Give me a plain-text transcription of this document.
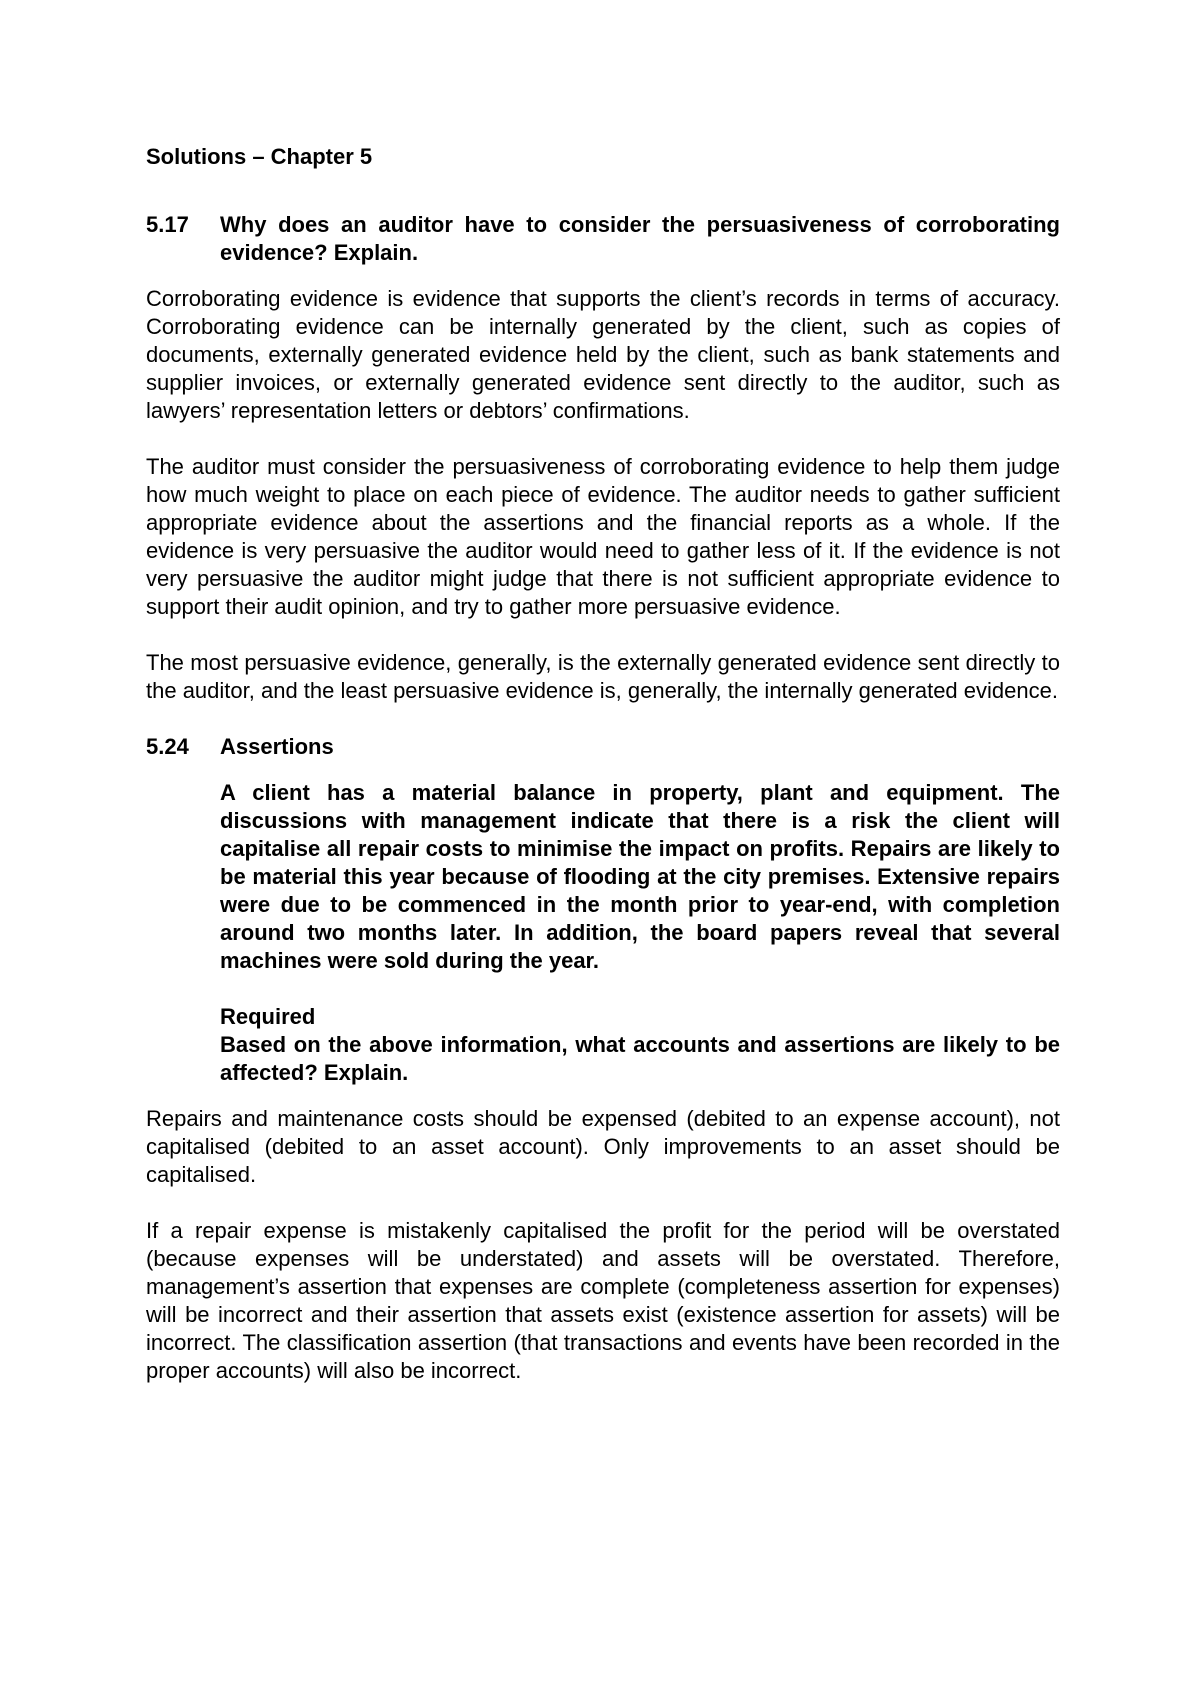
Solutions – Chapter 5
5.17	Why does an auditor have to consider the persuasiveness of corroborating evidence? Explain.

Corroborating evidence is evidence that supports the client’s records in terms of accuracy. Corroborating evidence can be internally generated by the client, such as copies of documents, externally generated evidence held by the client, such as bank statements and supplier invoices, or externally generated evidence sent directly to the auditor, such as lawyers’ representation letters or debtors’ confirmations.

The auditor must consider the persuasiveness of corroborating evidence to help them judge how much weight to place on each piece of evidence. The auditor needs to gather sufficient appropriate evidence about the assertions and the financial reports as a whole. If the evidence is very persuasive the auditor would need to gather less of it. If the evidence is not very persuasive the auditor might judge that there is not sufficient appropriate evidence to support their audit opinion, and try to gather more persuasive evidence.

The most persuasive evidence, generally, is the externally generated evidence sent directly to the auditor, and the least persuasive evidence is, generally, the internally generated evidence.

5.24	Assertions

A client has a material balance in property, plant and equipment. The discussions with management indicate that there is a risk the client will capitalise all repair costs to minimise the impact on profits. Repairs are likely to be material this year because of flooding at the city premises. Extensive repairs were due to be commenced in the month prior to year-end, with completion around two months later. In addition, the board papers reveal that several machines were sold during the year.

Required

Based on the above information, what accounts and assertions are likely to be affected? Explain.

Repairs and maintenance costs should be expensed (debited to an expense account), not capitalised (debited to an asset account). Only improvements to an asset should be capitalised.

If a repair expense is mistakenly capitalised the profit for the period will be overstated (because expenses will be understated) and assets will be overstated. Therefore, management’s assertion that expenses are complete (completeness assertion for expenses) will be incorrect and their assertion that assets exist (existence assertion for assets) will be incorrect. The classification assertion (that transactions and events have been recorded in the proper accounts) will also be incorrect.
